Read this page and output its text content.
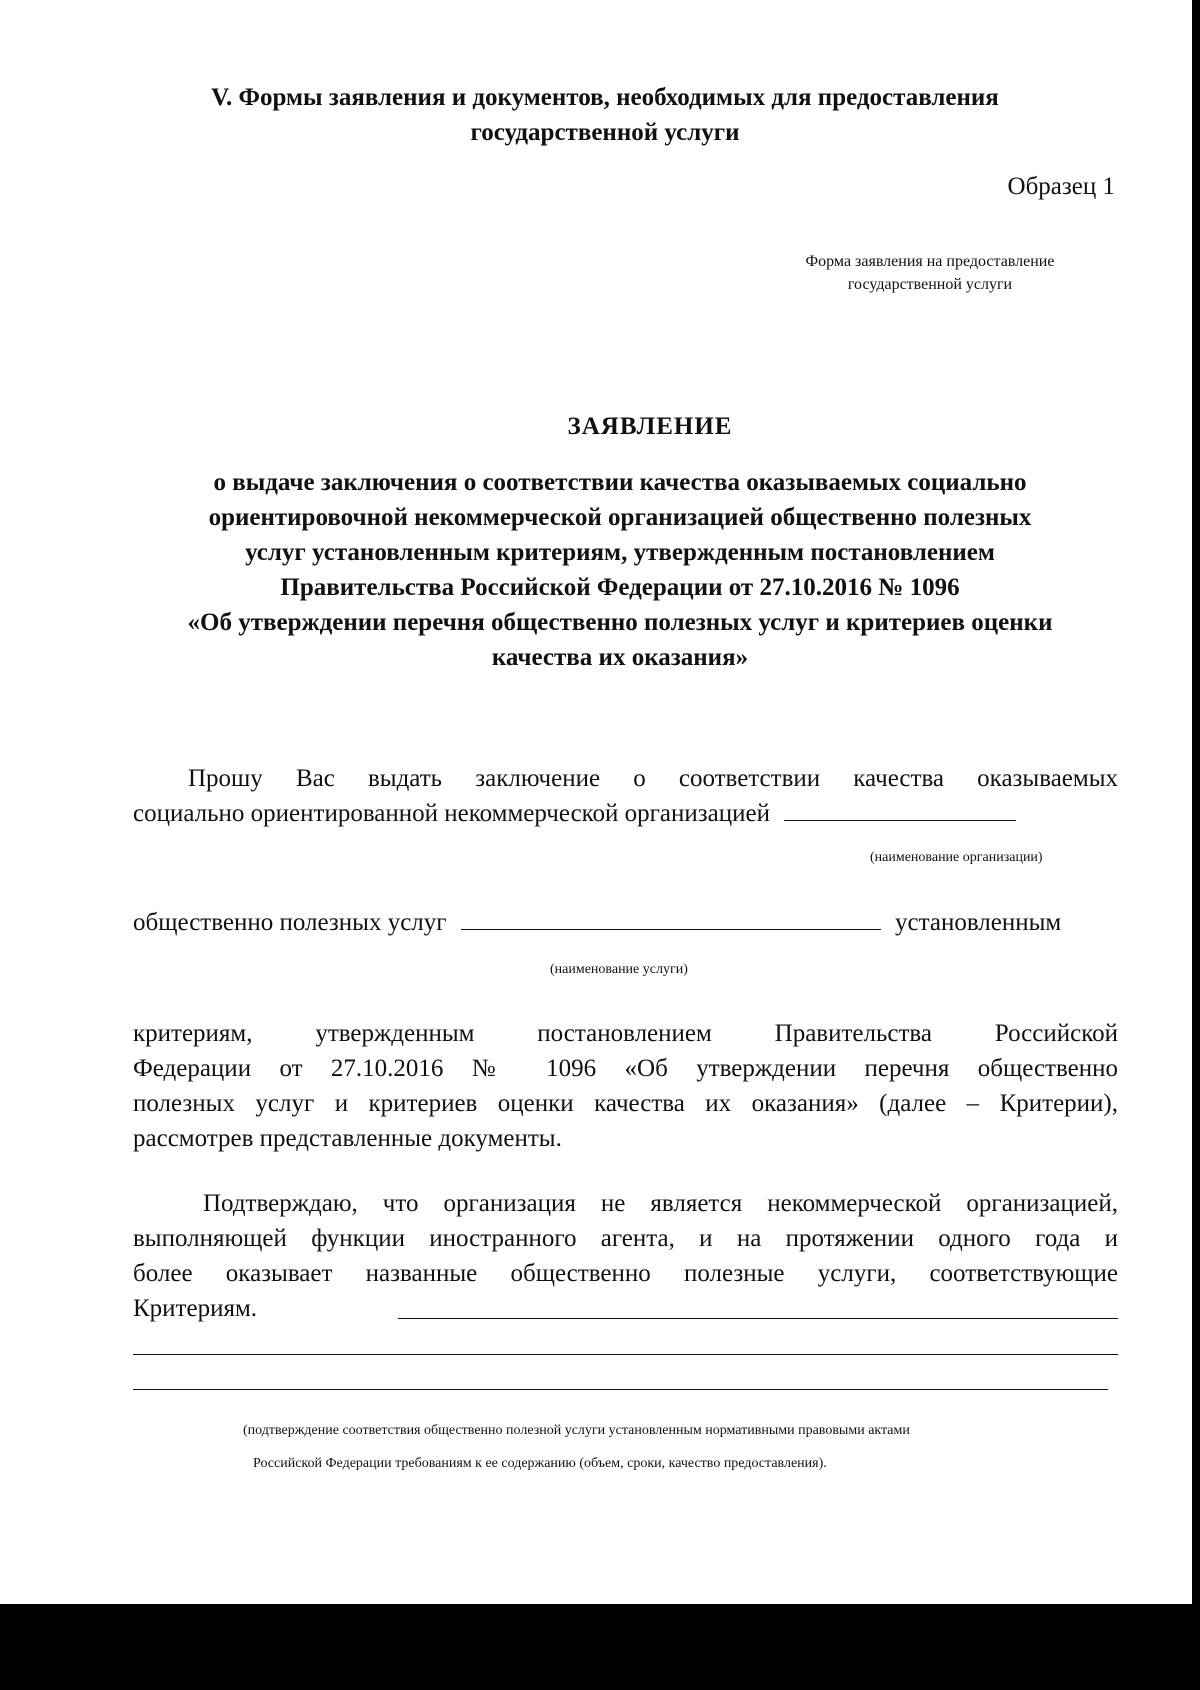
V. Формы заявления и документов, необходимых для предоставления
государственной услуги
Образец 1
Форма заявления на предоставление
государственной услуги
ЗАЯВЛЕНИЕ
о выдаче заключения о соответствии качества оказываемых социально
ориентировочной некоммерческой организацией общественно полезных
услуг установленным критериям, утвержденным постановлением
Правительства Российской Федерации от 27.10.2016 № 1096
«Об утверждении перечня общественно полезных услуг и критериев оценки
качества их оказания»
Прошу Вас выдать заключение о соответствии качества оказываемых
социально ориентированной некоммерческой организацией
(наименование организации)
общественно полезных услуг	установленным
(наименование услуги)
критериям, утвержденным постановлением Правительства Российской
Федерации от 27.10.2016 № 1096 «Об утверждении перечня общественно
полезных услуг и критериев оценки качества их оказания» (далее – Критерии),
рассмотрев представленные документы.
Подтверждаю, что организация не является некоммерческой организацией,
выполняющей функции иностранного агента, и на протяжении одного года и
более оказывает названные общественно полезные услуги, соответствующие
Критериям.
(подтверждение соответствия общественно полезной услуги установленным нормативными правовыми актами
Российской Федерации требованиям к ее содержанию (объем, сроки, качество предоставления).
